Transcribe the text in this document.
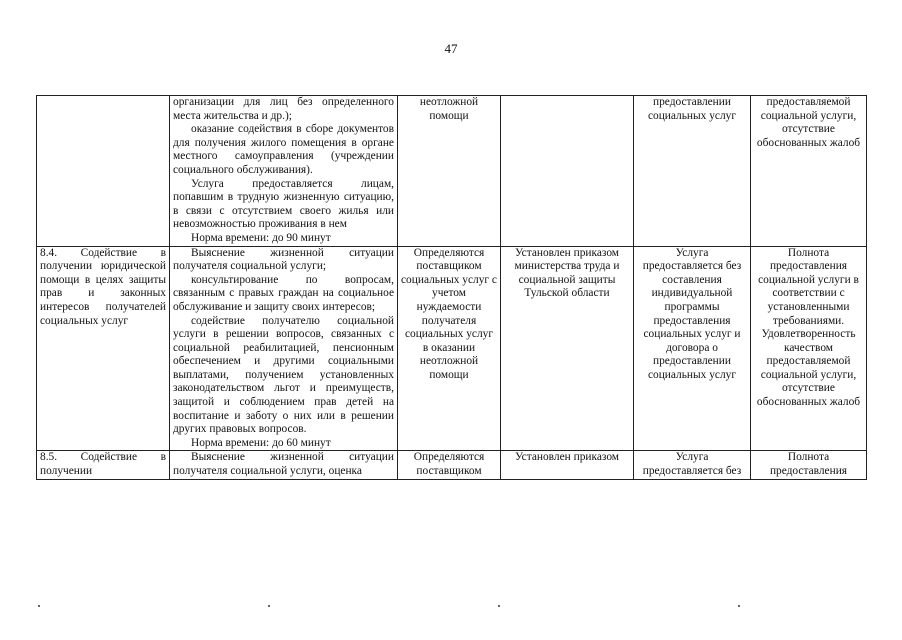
47

	организации для лиц без определенного места жительства и др.);
оказание содействия в сборе документов для получения жилого помещения в органе местного самоуправления (учреждении социального обслуживания).
Услуга предоставляется лицам, попавшим в трудную жизненную ситуацию, в связи с отсутствием своего жилья или невозможностью проживания в нем
Норма времени: до 90 минут	неотложной помощи		предоставлении социальных услуг	предоставляемой социальной услуги, отсутствие обоснованных жалоб
8.4. Содействие в получении юридической помощи в целях защиты прав и законных интересов получателей социальных услуг	Выяснение жизненной ситуации получателя социальной услуги;
консультирование по вопросам, связанным с правых граждан на социальное обслуживание и защиту своих интересов;
содействие получателю социальной услуги в решении вопросов, связанных с социальной реабилитацией, пенсионным обеспечением и другими социальными выплатами, получением установленных законодательством льгот и преимуществ, защитой и соблюдением прав детей на воспитание и заботу о них или в решении других правовых вопросов.
Норма времени: до 60 минут	Определяются поставщиком социальных услуг с учетом нуждаемости получателя социальных услуг в оказании неотложной помощи	Установлен приказом министерства труда и социальной защиты Тульской области	Услуга предоставляется без составления индивидуальной программы предоставления социальных услуг и договора о предоставлении социальных услуг	Полнота предоставления социальной услуги в соответствии с установленными требованиями. Удовлетворенность качеством предоставляемой социальной услуги, отсутствие обоснованных жалоб
8.5. Содействие в получении	Выяснение жизненной ситуации получателя социальной услуги, оценка	Определяются поставщиком	Установлен приказом	Услуга предоставляется без	Полнота предоставления
